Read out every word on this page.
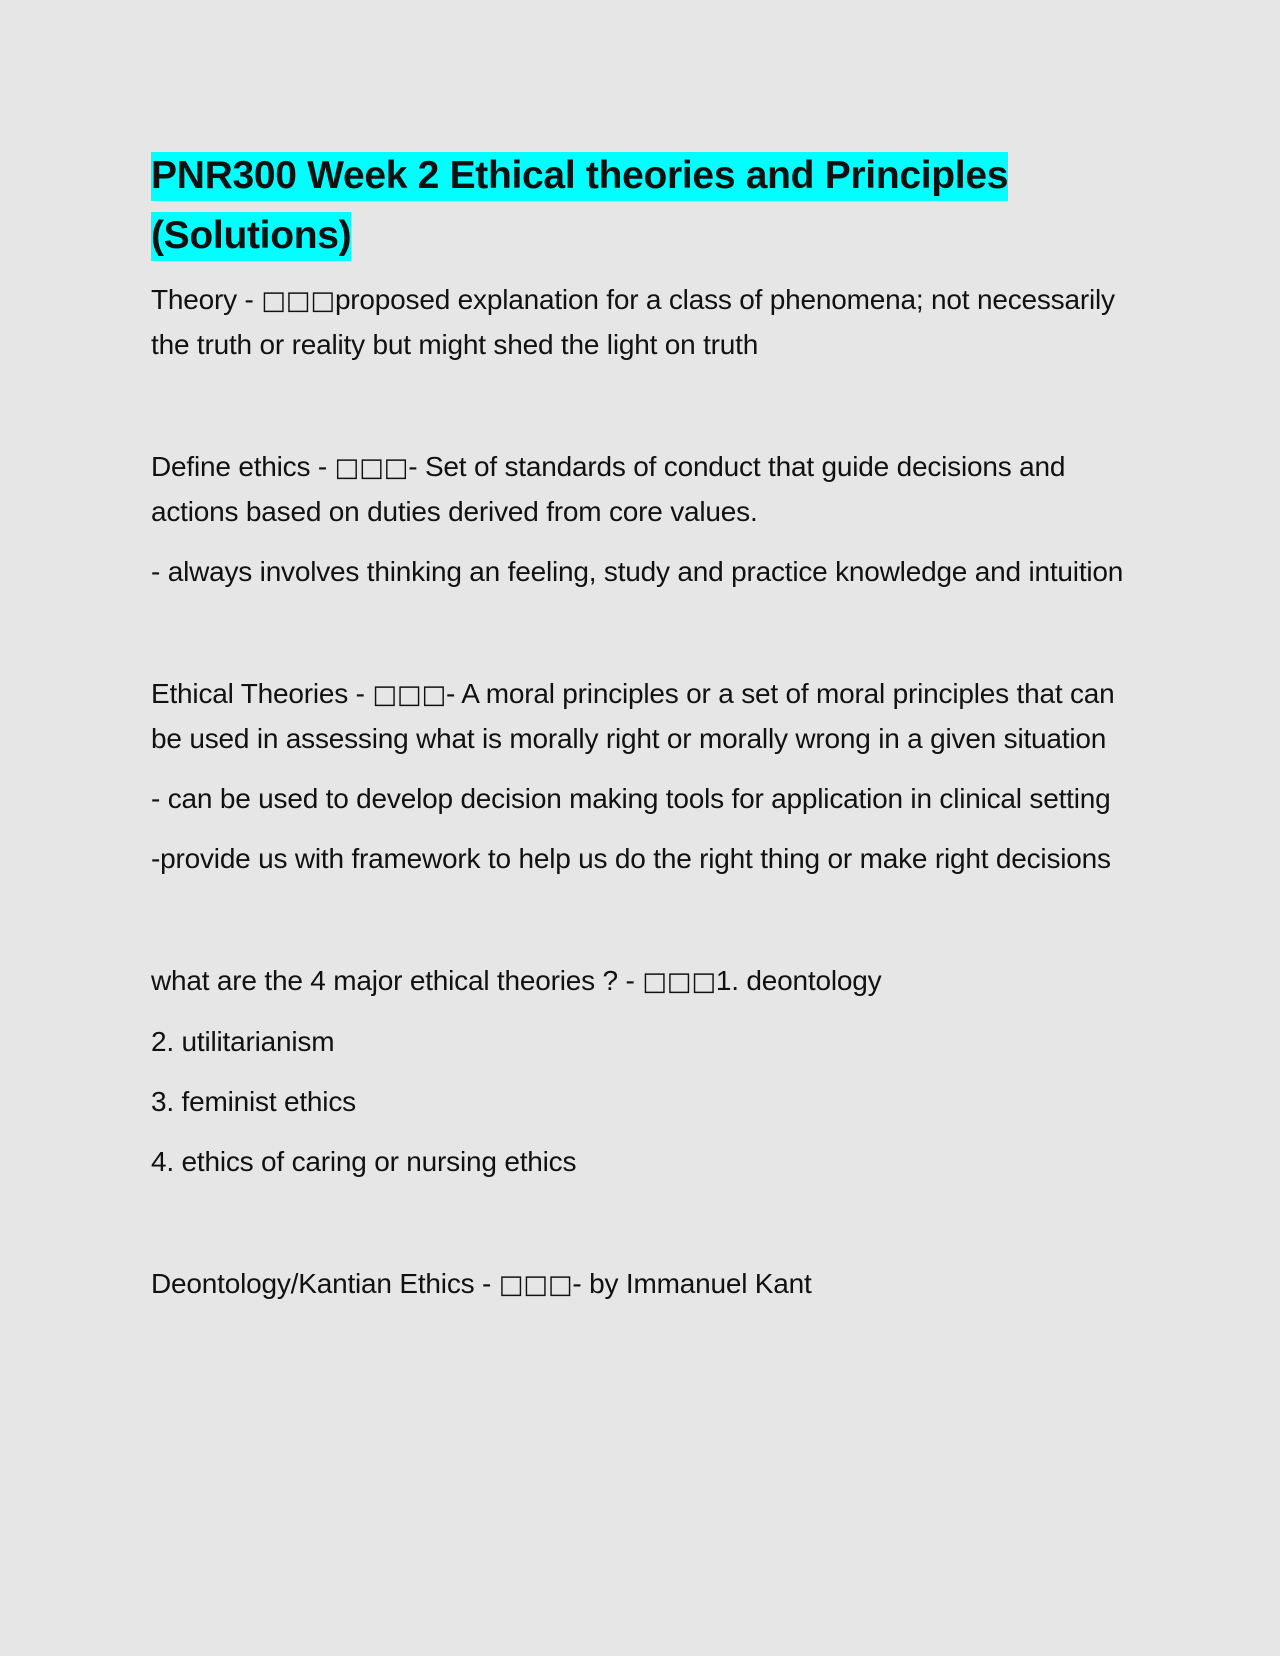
PNR300 Week 2 Ethical theories and Principles (Solutions)

Theory - □□□proposed explanation for a class of phenomena; not necessarily the truth or reality but might shed the light on truth

Define ethics - □□□- Set of standards of conduct that guide decisions and actions based on duties derived from core values.

- always involves thinking an feeling, study and practice knowledge and intuition

Ethical Theories - □□□- A moral principles or a set of moral principles that can be used in assessing what is morally right or morally wrong in a given situation

- can be used to develop decision making tools for application in clinical setting

-provide us with framework to help us do the right thing or make right decisions

what are the 4 major ethical theories ? - □□□1. deontology

2. utilitarianism

3. feminist ethics

4. ethics of caring or nursing ethics

Deontology/Kantian Ethics - □□□- by Immanuel Kant
